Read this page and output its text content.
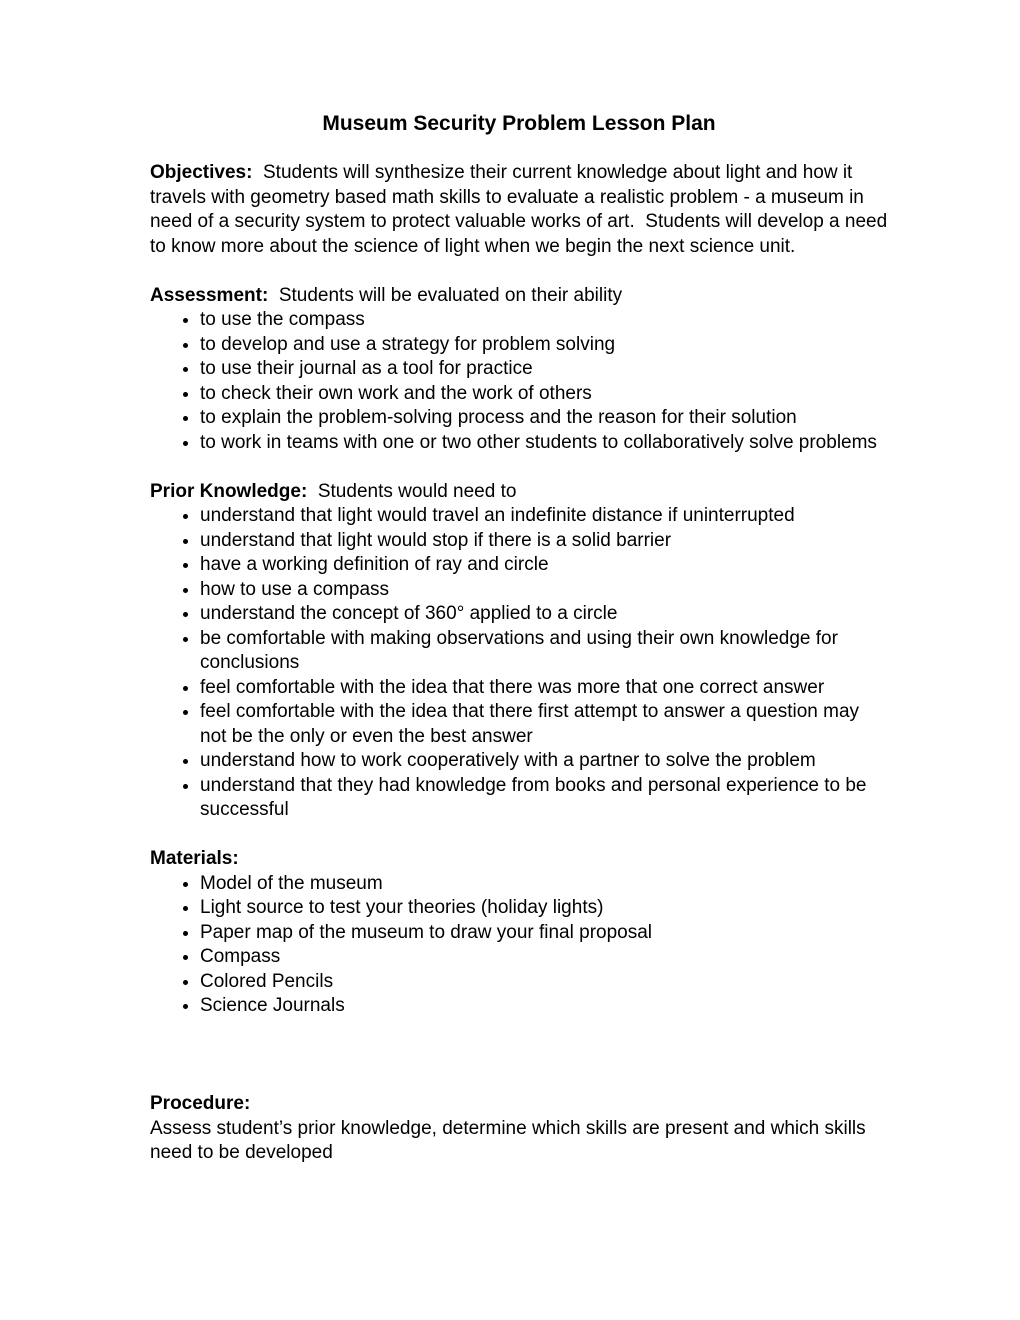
Museum Security Problem Lesson Plan

Objectives:  Students will synthesize their current knowledge about light and how it travels with geometry based math skills to evaluate a realistic problem - a museum in need of a security system to protect valuable works of art.  Students will develop a need to know more about the science of light when we begin the next science unit.

Assessment:  Students will be evaluated on their ability

• to use the compass
• to develop and use a strategy for problem solving
• to use their journal as a tool for practice
• to check their own work and the work of others
• to explain the problem-solving process and the reason for their solution
• to work in teams with one or two other students to collaboratively solve problems

Prior Knowledge:  Students would need to

• understand that light would travel an indefinite distance if uninterrupted
• understand that light would stop if there is a solid barrier
• have a working definition of ray and circle
• how to use a compass
• understand the concept of 360° applied to a circle
• be comfortable with making observations and using their own knowledge for conclusions
• feel comfortable with the idea that there was more that one correct answer
• feel comfortable with the idea that there first attempt to answer a question may not be the only or even the best answer
• understand how to work cooperatively with a partner to solve the problem
• understand that they had knowledge from books and personal experience to be successful

Materials:

• Model of the museum
• Light source to test your theories (holiday lights)
• Paper map of the museum to draw your final proposal
• Compass
• Colored Pencils
• Science Journals

Procedure:

Assess student’s prior knowledge, determine which skills are present and which skills need to be developed
